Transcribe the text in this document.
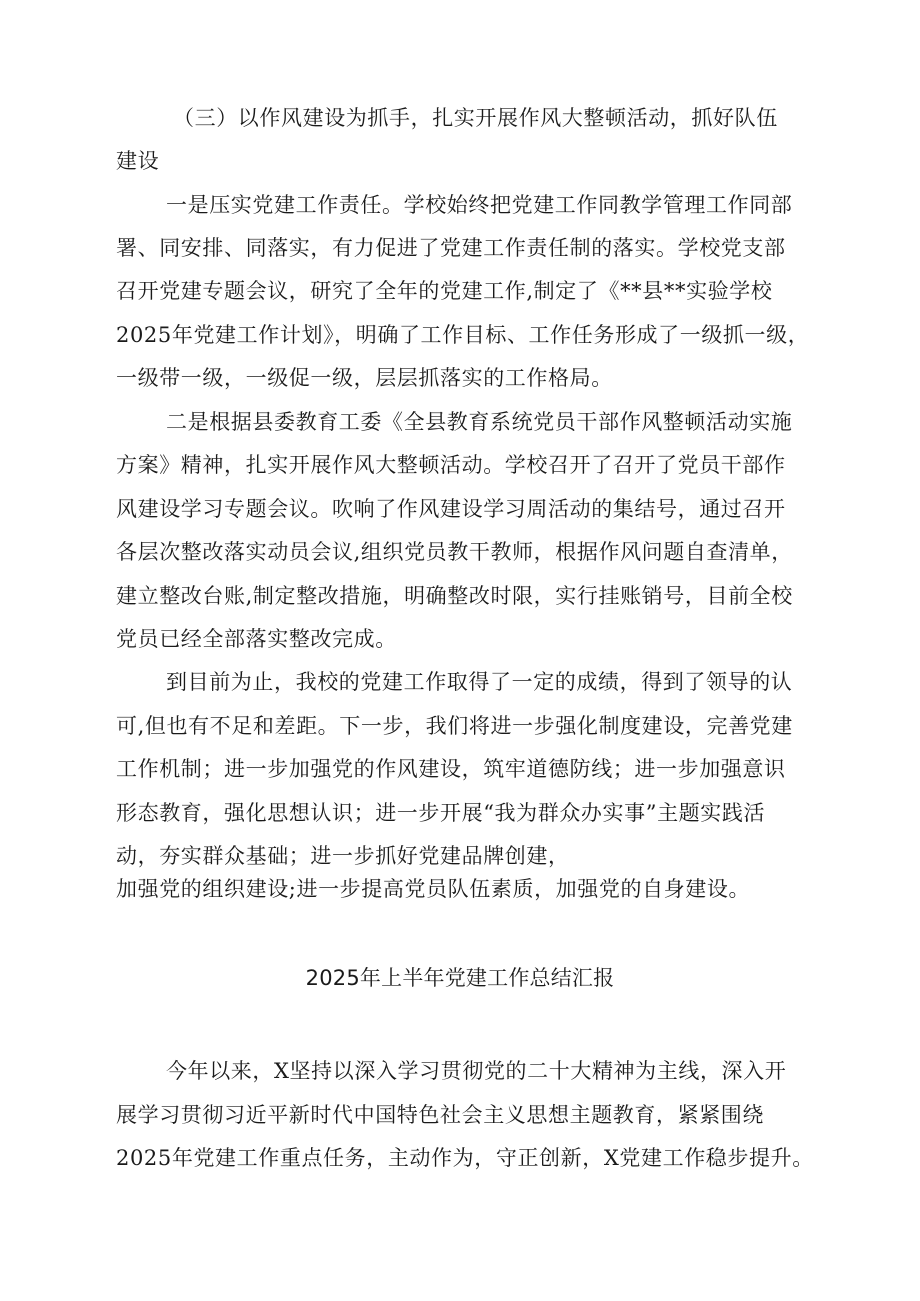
（三）以作风建设为抓手，扎实开展作风大整顿活动，抓好队伍
建设
一是压实党建工作责任。学校始终把党建工作同教学管理工作同部
署、同安排、同落实，有力促进了党建工作责任制的落实。学校党支部
召开党建专题会议，研究了全年的党建工作,制定了《**县**实验学校
2025年党建工作计划》，明确了工作目标、工作任务形成了一级抓一级，
一级带一级，一级促一级，层层抓落实的工作格局。
二是根据县委教育工委《全县教育系统党员干部作风整顿活动实施
方案》精神，扎实开展作风大整顿活动。学校召开了召开了党员干部作
风建设学习专题会议。吹响了作风建设学习周活动的集结号，通过召开
各层次整改落实动员会议,组织党员教干教师，根据作风问题自查清单，
建立整改台账,制定整改措施，明确整改时限，实行挂账销号，目前全校
党员已经全部落实整改完成。
到目前为止，我校的党建工作取得了一定的成绩，得到了领导的认
可,但也有不足和差距。下一步，我们将进一步强化制度建设，完善党建
工作机制；进一步加强党的作风建设，筑牢道德防线；进一步加强意识
形态教育，强化思想认识；进一步开展“我为群众办实事”主题实践活
动，夯实群众基础；进一步抓好党建品牌创建，
加强党的组织建设;进一步提高党员队伍素质，加强党的自身建设。
2025年上半年党建工作总结汇报
今年以来，X坚持以深入学习贯彻党的二十大精神为主线，深入开
展学习贯彻习近平新时代中国特色社会主义思想主题教育，紧紧围绕
2025年党建工作重点任务，主动作为，守正创新，X党建工作稳步提升。
